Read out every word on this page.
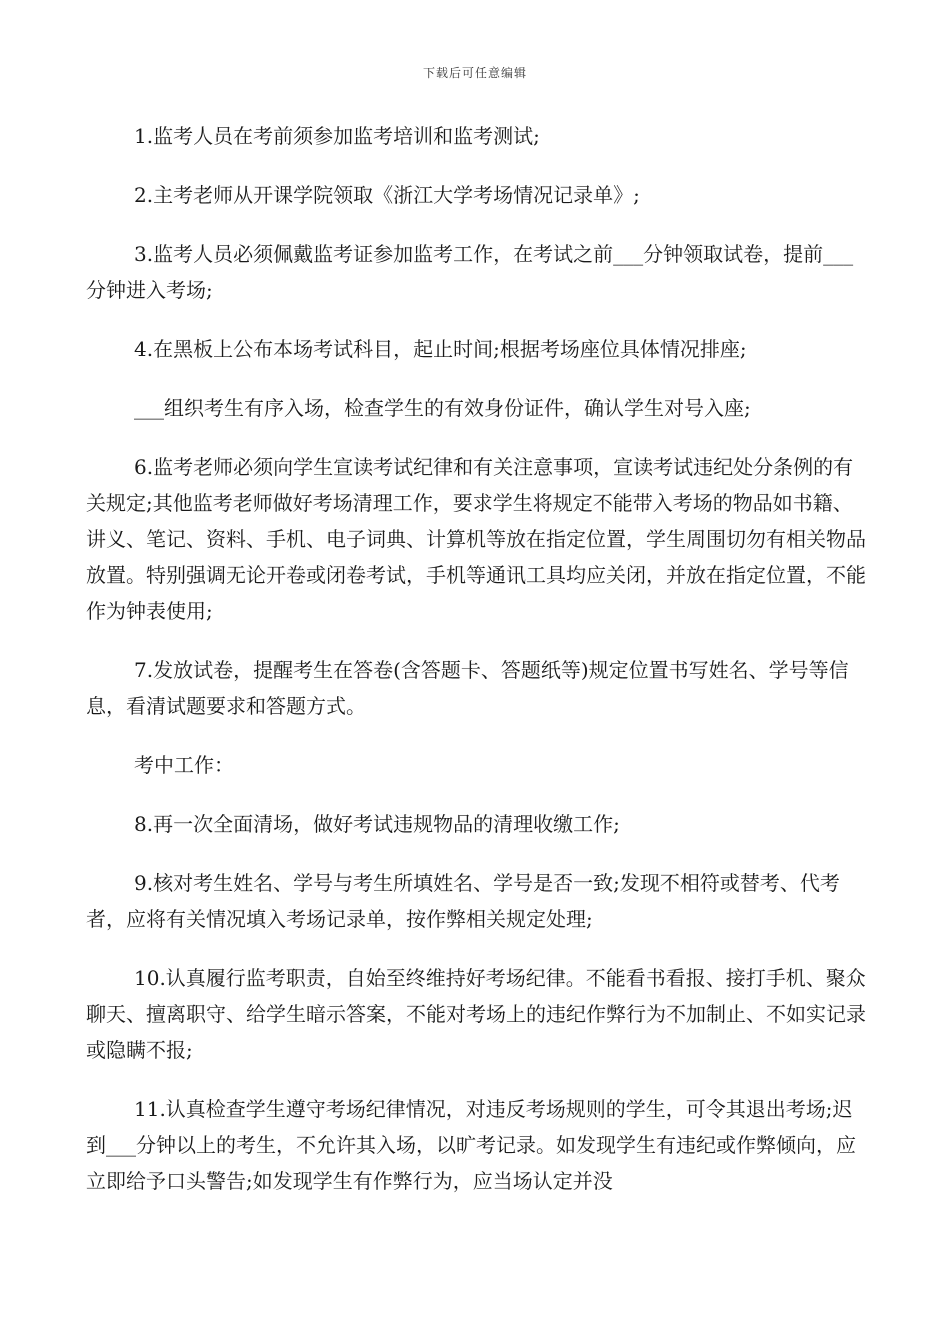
下载后可任意编辑

1.监考人员在考前须参加监考培训和监考测试;

2.主考老师从开课学院领取《浙江大学考场情况记录单》;

3.监考人员必须佩戴监考证参加监考工作，在考试之前___分钟领取试卷，提前___分钟进入考场;

4.在黑板上公布本场考试科目，起止时间;根据考场座位具体情况排座;

___组织考生有序入场，检查学生的有效身份证件，确认学生对号入座;

6.监考老师必须向学生宣读考试纪律和有关注意事项，宣读考试违纪处分条例的有关规定;其他监考老师做好考场清理工作，要求学生将规定不能带入考场的物品如书籍、讲义、笔记、资料、手机、电子词典、计算机等放在指定位置，学生周围切勿有相关物品放置。特别强调无论开卷或闭卷考试，手机等通讯工具均应关闭，并放在指定位置，不能作为钟表使用;

7.发放试卷，提醒考生在答卷(含答题卡、答题纸等)规定位置书写姓名、学号等信息，看清试题要求和答题方式。

考中工作：

8.再一次全面清场，做好考试违规物品的清理收缴工作;

9.核对考生姓名、学号与考生所填姓名、学号是否一致;发现不相符或替考、代考者，应将有关情况填入考场记录单，按作弊相关规定处理;

10.认真履行监考职责，自始至终维持好考场纪律。不能看书看报、接打手机、聚众聊天、擅离职守、给学生暗示答案，不能对考场上的违纪作弊行为不加制止、不如实记录或隐瞒不报;

11.认真检查学生遵守考场纪律情况，对违反考场规则的学生，可令其退出考场;迟到___分钟以上的考生，不允许其入场，以旷考记录。如发现学生有违纪或作弊倾向，应立即给予口头警告;如发现学生有作弊行为，应当场认定并没
